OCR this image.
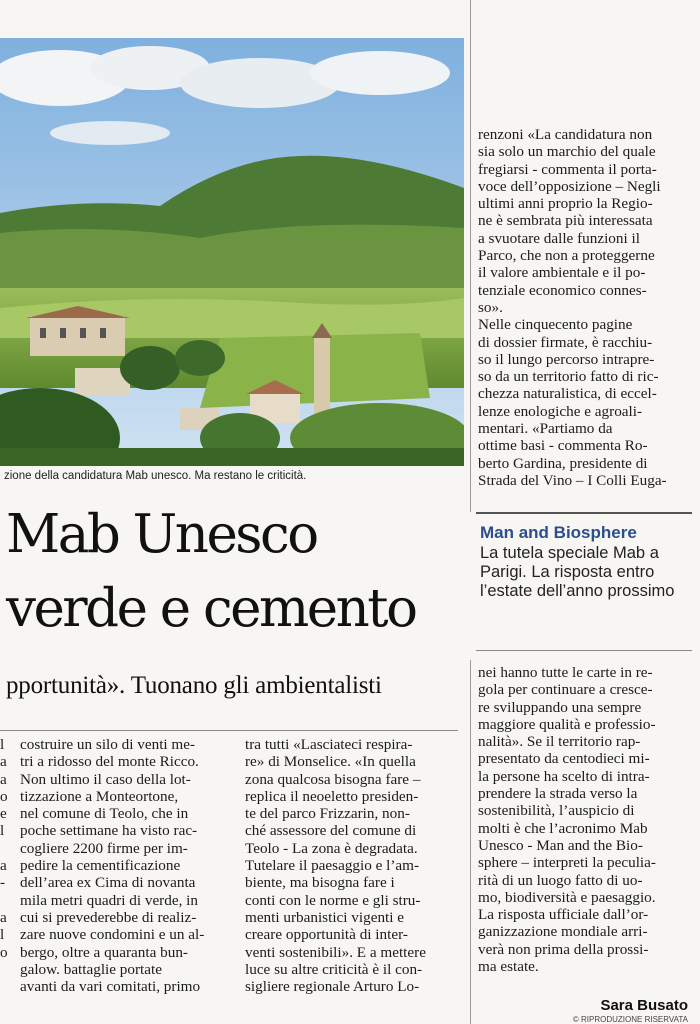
zione della candidatura Mab unesco. Ma restano le criticità.
Mab Unesco
verde e cemento
pportunità». Tuonano gli ambientalisti
l
a
a
o
e
l

a
-

a
l
o
costruire un silo di venti me-
tri a ridosso del monte Ricco.
Non ultimo il caso della lot-
tizzazione a Monteortone,
nel comune di Teolo, che in
poche settimane ha visto rac-
cogliere 2200 firme per im-
pedire la cementificazione
dell’area ex Cima di novanta
mila metri quadri di verde, in
cui si prevederebbe di realiz-
zare nuove condomini e un al-
bergo, oltre a quaranta bun-
galow. battaglie portate
avanti da vari comitati, primo
tra tutti «Lasciateci respira-
re» di Monselice. «In quella
zona qualcosa bisogna fare –
replica il neoeletto presiden-
te del parco Frizzarin, non-
ché assessore del comune di
Teolo - La zona è degradata.
Tutelare il paesaggio e l’am-
biente, ma bisogna fare i
conti con le norme e gli stru-
menti urbanistici vigenti e
creare opportunità di inter-
venti sostenibili». E a mettere
luce su altre criticità è il con-
sigliere regionale Arturo Lo-
renzoni «La candidatura non
sia solo un marchio del quale
fregiarsi - commenta il porta-
voce dell’opposizione – Negli
ultimi anni proprio la Regio-
ne è sembrata più interessata
a svuotare dalle funzioni il
Parco, che non a proteggerne
il valore ambientale e il po-
tenziale economico connes-
so».
Nelle cinquecento pagine
di dossier firmate, è racchiu-
so il lungo percorso intrapre-
so da un territorio fatto di ric-
chezza naturalistica, di eccel-
lenze enologiche e agroali-
mentari. «Partiamo da
ottime basi - commenta Ro-
berto Gardina, presidente di
Strada del Vino – I Colli Euga-
Man and Biosphere
La tutela speciale Mab a Parigi. La risposta entro l’estate dell’anno prossimo
nei hanno tutte le carte in re-
gola per continuare a cresce-
re sviluppando una sempre
maggiore qualità e professio-
nalità». Se il territorio rap-
presentato da centodieci mi-
la persone ha scelto di intra-
prendere la strada verso la
sostenibilità, l’auspicio di
molti è che l’acronimo Mab
Unesco - Man and the Bio-
sphere – interpreti la peculia-
rità di un luogo fatto di uo-
mo, biodiversità e paesaggio.
La risposta ufficiale dall’or-
ganizzazione mondiale arri-
verà non prima della prossi-
ma estate.
Sara Busato
© RIPRODUZIONE RISERVATA
